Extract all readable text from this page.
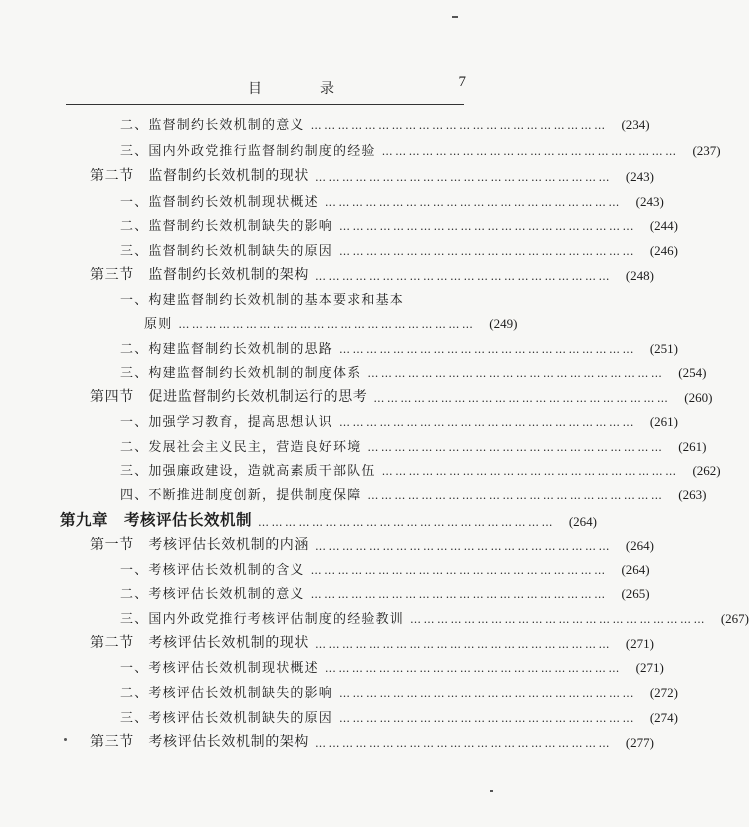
目　录	7
二、监督制约长效机制的意义 …………………………………………………………	(234)
三、国内外政党推行监督制约制度的经验 …………………………………………………………	(237)
第二节　监督制约长效机制的现状 …………………………………………………………	(243)
一、监督制约长效机制现状概述 …………………………………………………………	(243)
二、监督制约长效机制缺失的影响 …………………………………………………………	(244)
三、监督制约长效机制缺失的原因 …………………………………………………………	(246)
第三节　监督制约长效机制的架构 …………………………………………………………	(248)
一、构建监督制约长效机制的基本要求和基本
原则 …………………………………………………………	(249)
二、构建监督制约长效机制的思路 …………………………………………………………	(251)
三、构建监督制约长效机制的制度体系 …………………………………………………………	(254)
第四节　促进监督制约长效机制运行的思考 …………………………………………………………	(260)
一、加强学习教育，提高思想认识 …………………………………………………………	(261)
二、发展社会主义民主，营造良好环境 …………………………………………………………	(261)
三、加强廉政建设，造就高素质干部队伍 …………………………………………………………	(262)
四、不断推进制度创新，提供制度保障 …………………………………………………………	(263)
第九章　考核评估长效机制 …………………………………………………………	(264)
第一节　考核评估长效机制的内涵 …………………………………………………………	(264)
一、考核评估长效机制的含义 …………………………………………………………	(264)
二、考核评估长效机制的意义 …………………………………………………………	(265)
三、国内外政党推行考核评估制度的经验教训 …………………………………………………………	(267)
第二节　考核评估长效机制的现状 …………………………………………………………	(271)
一、考核评估长效机制现状概述 …………………………………………………………	(271)
二、考核评估长效机制缺失的影响 …………………………………………………………	(272)
三、考核评估长效机制缺失的原因 …………………………………………………………	(274)
第三节　考核评估长效机制的架构 …………………………………………………………	(277)
